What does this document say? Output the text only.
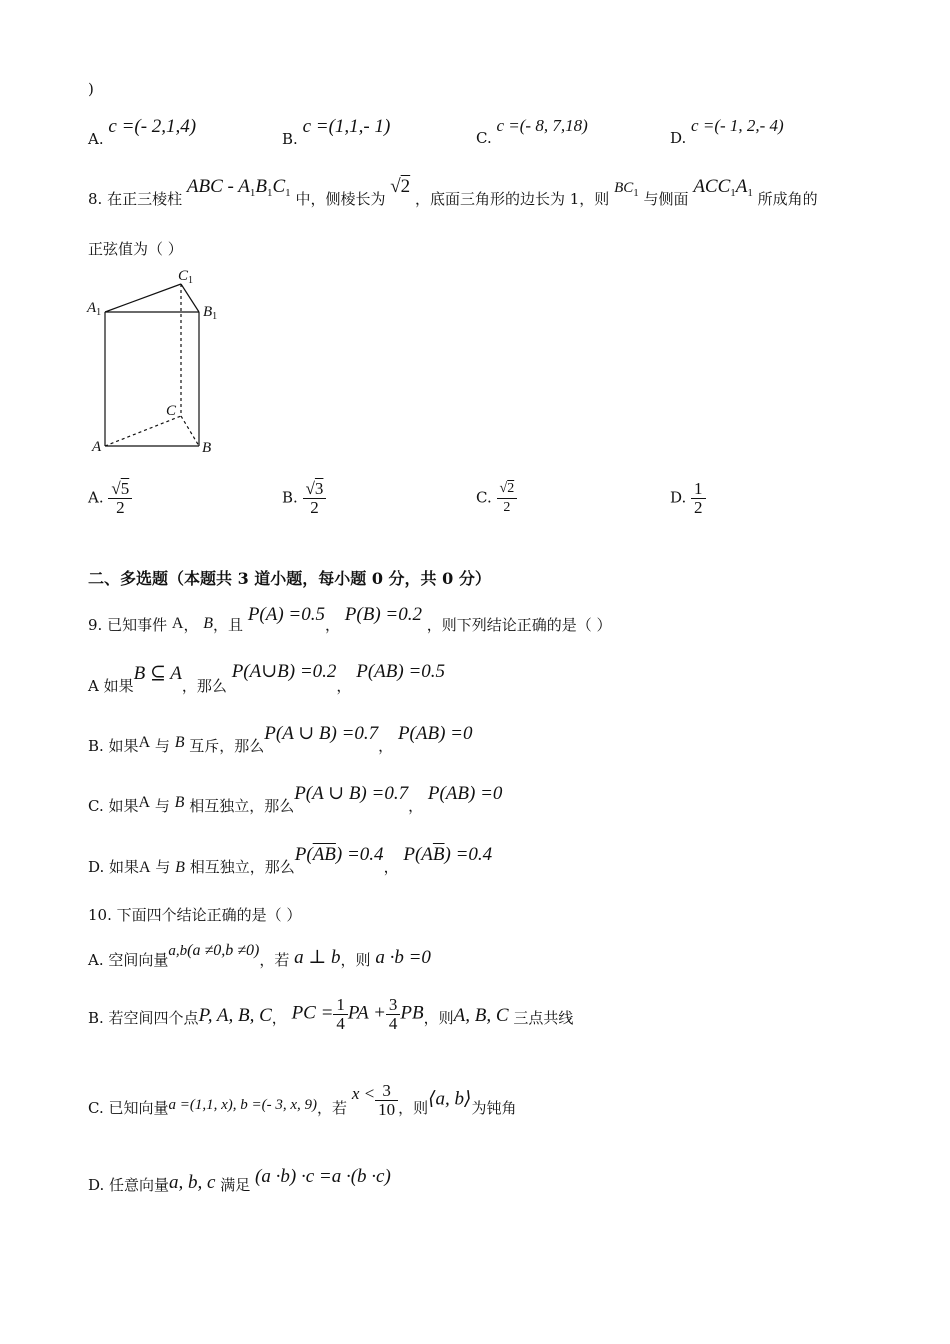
)
A. c =(- 2,1,4)
B. c =(1,1,- 1)
C. c =(- 8, 7,18)
D. c =(- 1, 2,- 4)
8. 在正三棱柱 ABC - $A_1B_1C_1$ 中，侧棱长为 √2 ，底面三角形的边长为 1，则 $BC_1$ 与侧面 $ACC_1A_1$ 所成角的
正弦值为（ ）
$C_1$
$A_1$	$B_1$
C
A	B
A. $\frac{√5}{2}$	B. $\frac{√3}{2}$	C. $\frac{√2}{2}$	D. $\frac{1}{2}$
二、多选题（本题共 3 道小题，每小题 0 分，共 0 分）
9. 已知事件 A， B，且 P(A) =0.5， P(B) =0.2 ，则下列结论正确的是（ ）
A 如果B ⊆ A，那么 P(A∪B) =0.2， P(AB) =0.5
B. 如果A 与 B 互斥，那么P(A ∪ B) =0.7， P(AB) =0
C. 如果A 与 B 相互独立，那么P(A ∪ B) =0.7， P(AB) =0
D. 如果A 与 B 相互独立，那么$P(\overline{AB}) =0.4$， $P(A\overline{B}) =0.4$
10. 下面四个结论正确的是（ ）
A. 空间向量a,b(a ≠0,b ≠0)，若 a ⊥ b，则 a ·b =0
B. 若空间四个点P, A, B, C， PC = $\frac{1}{4}$ PA + $\frac{3}{4}$ PB，则A, B, C 三点共线
C. 已知向量a =(1,1, x), b =(- 3, x, 9)，若 $x < \frac{3}{10}$ ，则⟨a, b⟩为钝角
D. 任意向量a, b, c 满足 (a ·b) ·c =a ·(b ·c)
